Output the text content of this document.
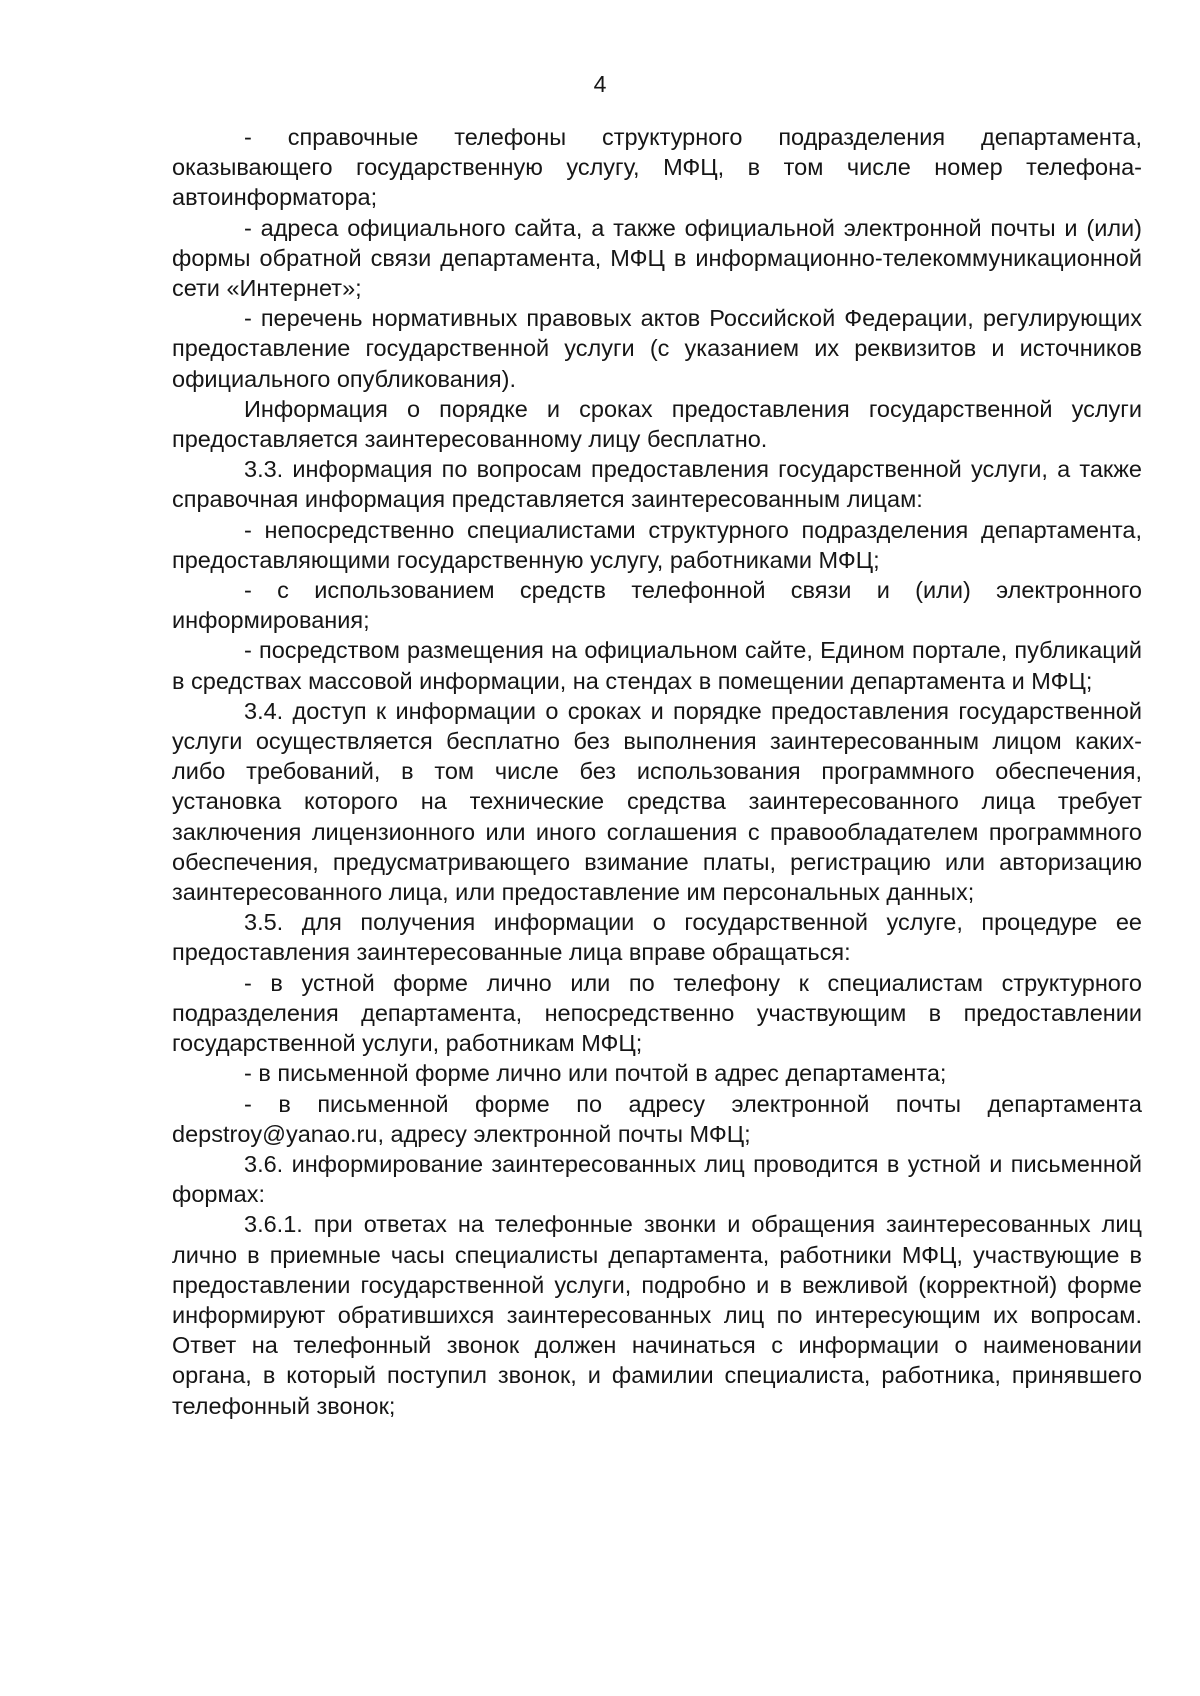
4

- справочные телефоны структурного подразделения департамента, оказывающего государственную услугу, МФЦ, в том числе номер телефона-автоинформатора;

- адреса официального сайта, а также официальной электронной почты и (или) формы обратной связи департамента, МФЦ в информационно-телекоммуникационной сети «Интернет»;

- перечень нормативных правовых актов Российской Федерации, регулирующих предоставление государственной услуги (с указанием их реквизитов и источников официального опубликования).

Информация о порядке и сроках предоставления государственной услуги предоставляется заинтересованному лицу бесплатно.

3.3. информация по вопросам предоставления государственной услуги, а также справочная информация представляется заинтересованным лицам:

- непосредственно специалистами структурного подразделения департамента, предоставляющими государственную услугу, работниками МФЦ;

- с использованием средств телефонной связи и (или) электронного информирования;

- посредством размещения на официальном сайте, Едином портале, публикаций в средствах массовой информации, на стендах в помещении департамента и МФЦ;

3.4. доступ к информации о сроках и порядке предоставления государственной услуги осуществляется бесплатно без выполнения заинтересованным лицом каких-либо требований, в том числе без использования программного обеспечения, установка которого на технические средства заинтересованного лица требует заключения лицензионного или иного соглашения с правообладателем программного обеспечения, предусматривающего взимание платы, регистрацию или авторизацию заинтересованного лица, или предоставление им персональных данных;

3.5. для получения информации о государственной услуге, процедуре ее предоставления заинтересованные лица вправе обращаться:

- в устной форме лично или по телефону к специалистам структурного подразделения департамента, непосредственно участвующим в предоставлении государственной услуги, работникам МФЦ;

- в письменной форме лично или почтой в адрес департамента;

- в письменной форме по адресу электронной почты департамента depstroy@yanao.ru, адресу электронной почты МФЦ;

3.6. информирование заинтересованных лиц проводится в устной и письменной формах:

3.6.1. при ответах на телефонные звонки и обращения заинтересованных лиц лично в приемные часы специалисты департамента, работники МФЦ, участвующие в предоставлении государственной услуги, подробно и в вежливой (корректной) форме информируют обратившихся заинтересованных лиц по интересующим их вопросам. Ответ на телефонный звонок должен начинаться с информации о наименовании органа, в который поступил звонок, и фамилии специалиста, работника, принявшего телефонный звонок;
